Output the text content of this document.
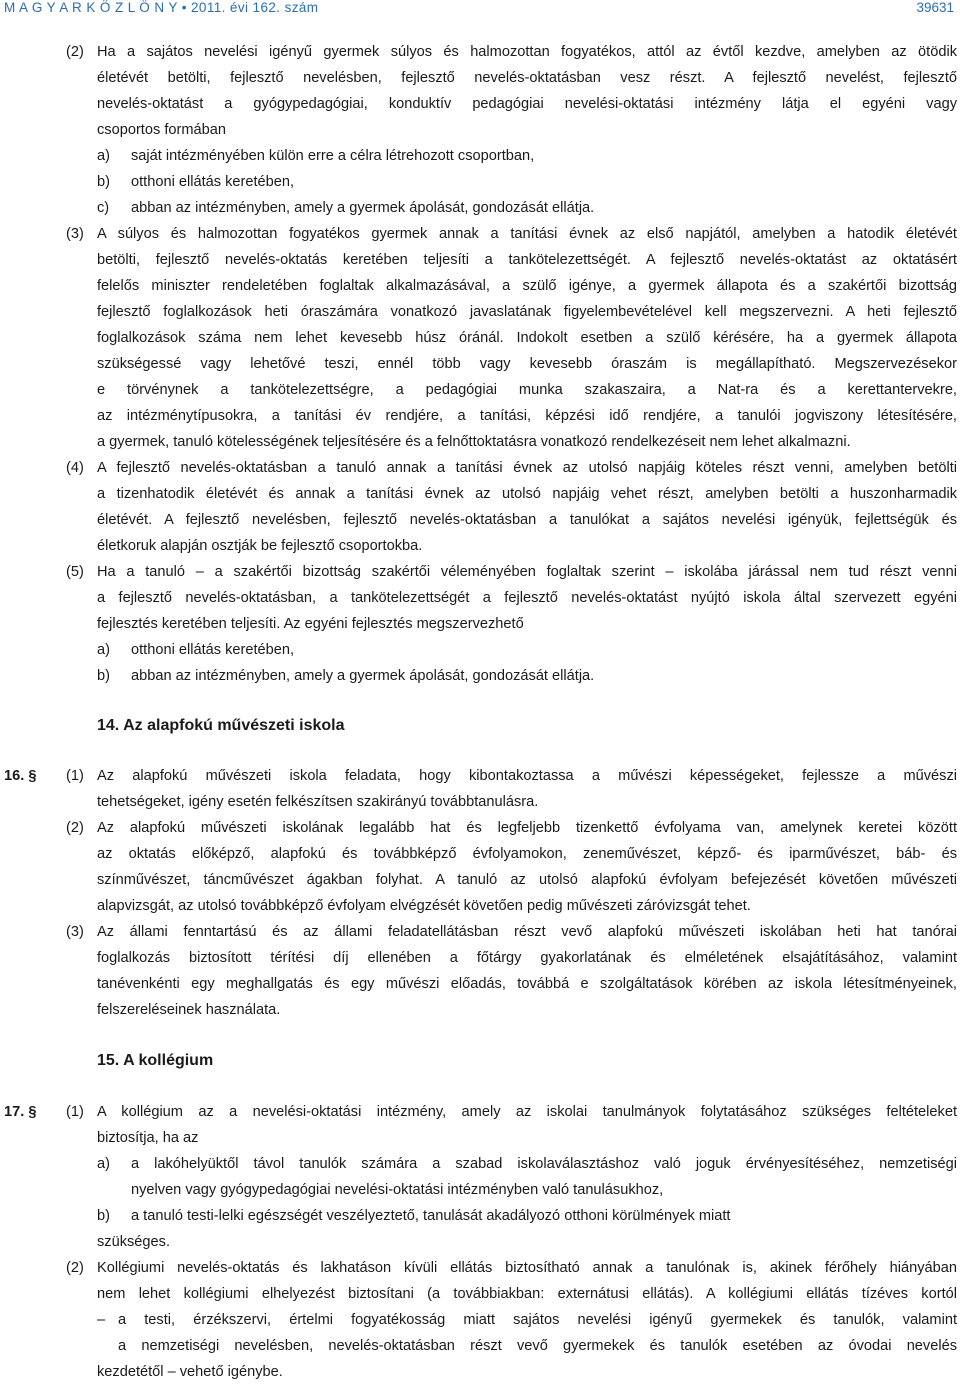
M A G Y A R K Ö Z L Ö N Y • 2011. évi 162. szám	39631
(2) Ha a sajátos nevelési igényű gyermek súlyos és halmozottan fogyatékos, attól az évtől kezdve, amelyben az ötödik
életévét betölti, fejlesztő nevelésben, fejlesztő nevelés-oktatásban vesz részt. A fejlesztő nevelést, fejlesztő
nevelés-oktatást a gyógypedagógiai, konduktív pedagógiai nevelési-oktatási intézmény látja el egyéni vagy
csoportos formában
a) saját intézményében külön erre a célra létrehozott csoportban,
b) otthoni ellátás keretében,
c) abban az intézményben, amely a gyermek ápolását, gondozását ellátja.
(3) A súlyos és halmozottan fogyatékos gyermek annak a tanítási évnek az első napjától, amelyben a hatodik életévét
betölti, fejlesztő nevelés-oktatás keretében teljesíti a tankötelezettségét. A fejlesztő nevelés-oktatást az oktatásért
felelős miniszter rendeletében foglaltak alkalmazásával, a szülő igénye, a gyermek állapota és a szakértői bizottság
fejlesztő foglalkozások heti óraszámára vonatkozó javaslatának figyelembevételével kell megszervezni. A heti fejlesztő
foglalkozások száma nem lehet kevesebb húsz óránál. Indokolt esetben a szülő kérésére, ha a gyermek állapota
szükségessé vagy lehetővé teszi, ennél több vagy kevesebb óraszám is megállapítható. Megszervezésekor
e törvénynek a tankötelezettségre, a pedagógiai munka szakaszaira, a Nat-ra és a kerettantervekre,
az intézménytípusokra, a tanítási év rendjére, a tanítási, képzési idő rendjére, a tanulói jogviszony létesítésére,
a gyermek, tanuló kötelességének teljesítésére és a felnőttoktatásra vonatkozó rendelkezéseit nem lehet alkalmazni.
(4) A fejlesztő nevelés-oktatásban a tanuló annak a tanítási évnek az utolsó napjáig köteles részt venni, amelyben betölti
a tizenhatodik életévét és annak a tanítási évnek az utolsó napjáig vehet részt, amelyben betölti a huszonharmadik
életévét. A fejlesztő nevelésben, fejlesztő nevelés-oktatásban a tanulókat a sajátos nevelési igényük, fejlettségük és
életkoruk alapján osztják be fejlesztő csoportokba.
(5) Ha a tanuló – a szakértői bizottság szakértői véleményében foglaltak szerint – iskolába járással nem tud részt venni
a fejlesztő nevelés-oktatásban, a tankötelezettségét a fejlesztő nevelés-oktatást nyújtó iskola által szervezett egyéni
fejlesztés keretében teljesíti. Az egyéni fejlesztés megszervezhető
a) otthoni ellátás keretében,
b) abban az intézményben, amely a gyermek ápolását, gondozását ellátja.
14. Az alapfokú művészeti iskola
16. § (1) Az alapfokú művészeti iskola feladata, hogy kibontakoztassa a művészi képességeket, fejlessze a művészi
tehetségeket, igény esetén felkészítsen szakirányú továbbtanulásra.
(2) Az alapfokú művészeti iskolának legalább hat és legfeljebb tizenkettő évfolyama van, amelynek keretei között
az oktatás előképző, alapfokú és továbbképző évfolyamokon, zeneművészet, képző- és iparművészet, báb- és
színművészet, táncművészet ágakban folyhat. A tanuló az utolsó alapfokú évfolyam befejezését követően művészeti
alapvizsgát, az utolsó továbbképző évfolyam elvégzését követően pedig művészeti záróvizsgát tehet.
(3) Az állami fenntartású és az állami feladatellátásban részt vevő alapfokú művészeti iskolában heti hat tanórai
foglalkozás biztosított térítési díj ellenében a főtárgy gyakorlatának és elméletének elsajátításához, valamint
tanévenkénti egy meghallgatás és egy művészi előadás, továbbá e szolgáltatások körében az iskola létesítményeinek,
felszereléseinek használata.
15. A kollégium
17. § (1) A kollégium az a nevelési-oktatási intézmény, amely az iskolai tanulmányok folytatásához szükséges feltételeket
biztosítja, ha az
a) a lakóhelyüktől távol tanulók számára a szabad iskolaválasztáshoz való joguk érvényesítéséhez, nemzetiségi
nyelven vagy gyógypedagógiai nevelési-oktatási intézményben való tanulásukhoz,
b) a tanuló testi-lelki egészségét veszélyeztető, tanulását akadályozó otthoni körülmények miatt
szükséges.
(2) Kollégiumi nevelés-oktatás és lakhatáson kívüli ellátás biztosítható annak a tanulónak is, akinek férőhely hiányában
nem lehet kollégiumi elhelyezést biztosítani (a továbbiakban: externátusi ellátás). A kollégiumi ellátás tízéves kortól
– a testi, érzékszervi, értelmi fogyatékosság miatt sajátos nevelési igényű gyermekek és tanulók, valamint
a nemzetiségi nevelésben, nevelés-oktatásban részt vevő gyermekek és tanulók esetében az óvodai nevelés
kezdetétől – vehető igénybe.
